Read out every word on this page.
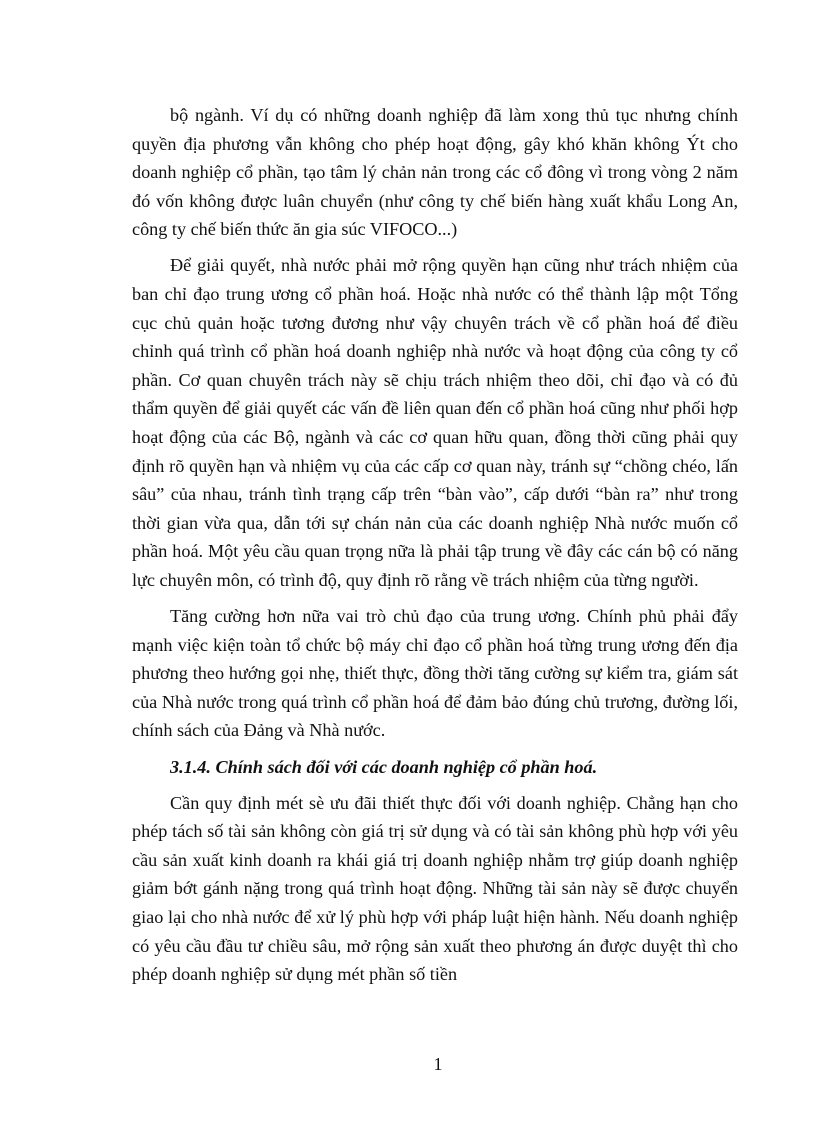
bộ ngành. Ví dụ có những doanh nghiệp đã làm xong thủ tục nhưng chính quyền địa phương vẫn không cho phép hoạt động, gây khó khăn không Ýt cho doanh nghiệp cổ phần, tạo tâm lý chản nản trong các cổ đông vì trong vòng 2 năm đó vốn không được luân chuyển (như công ty chế biến hàng xuất khẩu Long An, công ty chế biến thức ăn gia súc VIFOCO...)

Để giải quyết, nhà nước phải mở rộng quyền hạn cũng như trách nhiệm của ban chỉ đạo trung ương cổ phần hoá. Hoặc nhà nước có thể thành lập một Tổng cục chủ quản hoặc tương đương như vậy chuyên trách về cổ phần hoá để điều chỉnh quá trình cổ phần hoá doanh nghiệp nhà nước và hoạt động của công ty cổ phần. Cơ quan chuyên trách này sẽ chịu trách nhiệm theo dõi, chỉ đạo và có đủ thẩm quyền để giải quyết các vấn đề liên quan đến cổ phần hoá cũng như phối hợp hoạt động của các Bộ, ngành và các cơ quan hữu quan, đồng thời cũng phải quy định rõ quyền hạn và nhiệm vụ của các cấp cơ quan này, tránh sự “chồng chéo, lấn sâu” của nhau, tránh tình trạng cấp trên “bàn vào”, cấp dưới “bàn ra” như trong thời gian vừa qua, dẫn tới sự chán nản của các doanh nghiệp Nhà nước muốn cổ phần hoá. Một yêu cầu quan trọng nữa là phải tập trung về đây các cán bộ có năng lực chuyên môn, có trình độ, quy định rõ rằng về trách nhiệm của từng người.

Tăng cường hơn nữa vai trò chủ đạo của trung ương. Chính phủ phải đẩy mạnh việc kiện toàn tổ chức bộ máy chỉ đạo cổ phần hoá từng trung ương đến địa phương theo hướng gọi nhẹ, thiết thực, đồng thời tăng cường sự kiểm tra, giám sát của Nhà nước trong quá trình cổ phần hoá để đảm bảo đúng chủ trương, đường lối, chính sách của Đảng và Nhà nước.

3.1.4. Chính sách đối với các doanh nghiệp cổ phần hoá.

Cần quy định mét sè ưu đãi thiết thực đối với doanh nghiệp. Chẳng hạn cho phép tách số tài sản không còn giá trị sử dụng và có tài sản không phù hợp với yêu cầu sản xuất kinh doanh ra khái giá trị doanh nghiệp nhằm trợ giúp doanh nghiệp giảm bớt gánh nặng trong quá trình hoạt động. Những tài sản này sẽ được chuyển giao lại cho nhà nước để xử lý phù hợp với pháp luật hiện hành. Nếu doanh nghiệp có yêu cầu đầu tư chiều sâu, mở rộng sản xuất theo phương án được duyệt thì cho phép doanh nghiệp sử dụng mét phần số tiền

1
